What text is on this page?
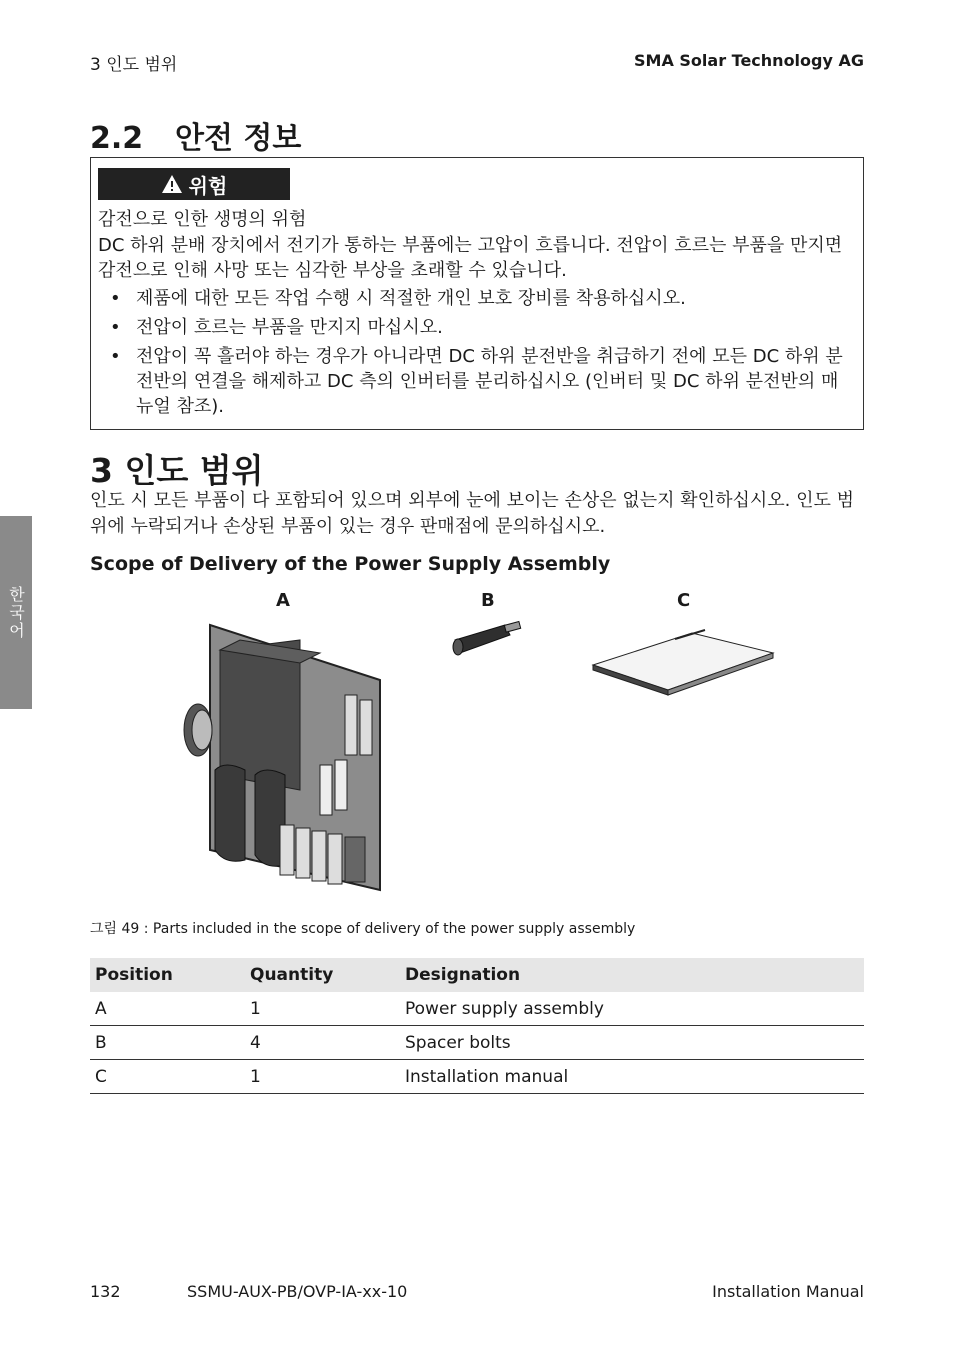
3 인도 범위	SMA Solar Technology AG
2.2 안전 정보
위험
감전으로 인한 생명의 위험
DC 하위 분배 장치에서 전기가 통하는 부품에는 고압이 흐릅니다. 전압이 흐르는 부품을 만지면 감전으로 인해 사망 또는 심각한 부상을 초래할 수 있습니다.
• 제품에 대한 모든 작업 수행 시 적절한 개인 보호 장비를 착용하십시오.
• 전압이 흐르는 부품을 만지지 마십시오.
• 전압이 꼭 흘러야 하는 경우가 아니라면 DC 하위 분전반을 취급하기 전에 모든 DC 하위 분전반의 연결을 해제하고 DC 측의 인버터를 분리하십시오 (인버터 및 DC 하위 분전반의 매뉴얼 참조).
3 인도 범위
인도 시 모든 부품이 다 포함되어 있으며 외부에 눈에 보이는 손상은 없는지 확인하십시오. 인도 범위에 누락되거나 손상된 부품이 있는 경우 판매점에 문의하십시오.
Scope of Delivery of the Power Supply Assembly
A	B	C
그림 49 : Parts included in the scope of delivery of the power supply assembly
Position	Quantity	Designation
A	1	Power supply assembly
B	4	Spacer bolts
C	1	Installation manual
한국어
132	SSMU-AUX-PB/OVP-IA-xx-10	Installation Manual
